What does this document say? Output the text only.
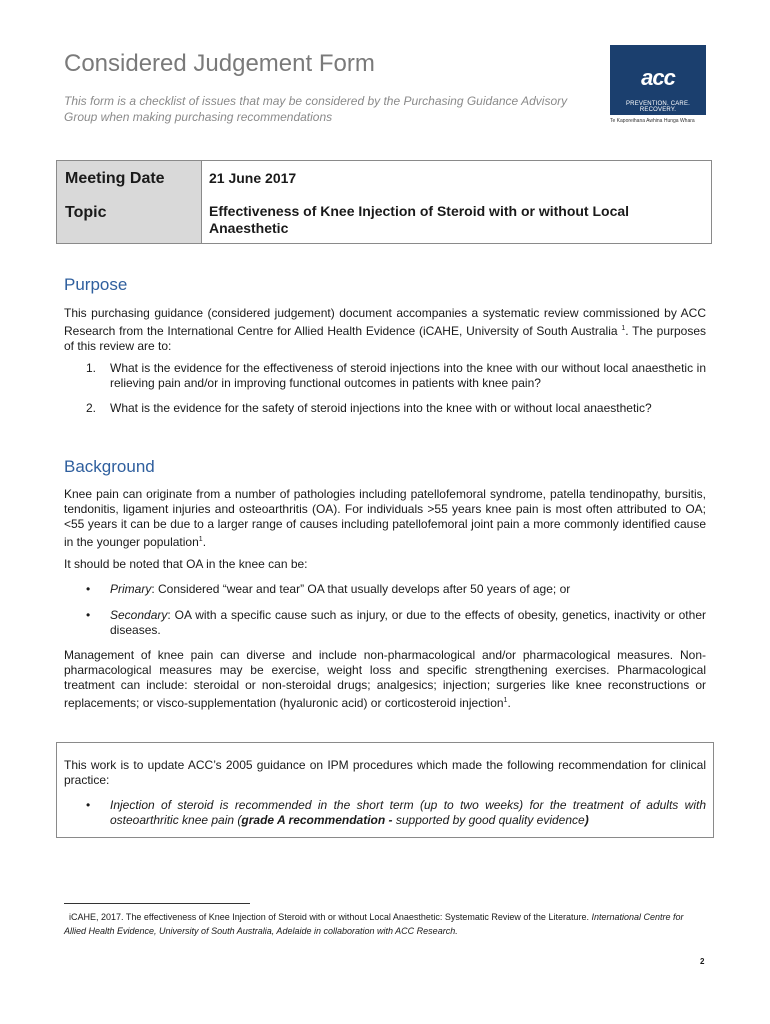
Considered Judgement Form
This form is a checklist of issues that may be considered by the Purchasing Guidance Advisory Group when making purchasing recommendations
acc
PREVENTION. CARE. RECOVERY.
Te Kaporeihana Awhina Hunga Whara
Meeting Date
Topic
21 June 2017
Effectiveness of Knee Injection of Steroid with or without Local Anaesthetic
Purpose
This purchasing guidance (considered judgement) document accompanies a systematic review commissioned by ACC Research from the International Centre for Allied Health Evidence (iCAHE, University of South Australia $^1$. The purposes of this review are to:
1. What is the evidence for the effectiveness of steroid injections into the knee with our without local anaesthetic in relieving pain and/or in improving functional outcomes in patients with knee pain?
2. What is the evidence for the safety of steroid injections into the knee with or without local anaesthetic?
Background
Knee pain can originate from a number of pathologies including patellofemoral syndrome, patella tendinopathy, bursitis, tendonitis, ligament injuries and osteoarthritis (OA). For individuals >55 years knee pain is most often attributed to OA; <55 years it can be due to a larger range of causes including patellofemoral joint pain a more commonly identified cause in the younger population$^1$.
It should be noted that OA in the knee can be:
• Primary: Considered “wear and tear” OA that usually develops after 50 years of age; or
• Secondary: OA with a specific cause such as injury, or due to the effects of obesity, genetics, inactivity or other diseases.
Management of knee pain can diverse and include non-pharmacological and/or pharmacological measures. Non-pharmacological measures may be exercise, weight loss and specific strengthening exercises. Pharmacological treatment can include: steroidal or non-steroidal drugs; analgesics; injection; surgeries like knee reconstructions or replacements; or visco-supplementation (hyaluronic acid) or corticosteroid injection$^1$.
This work is to update ACC’s 2005 guidance on IPM procedures which made the following recommendation for clinical practice:
• Injection of steroid is recommended in the short term (up to two weeks) for the treatment of adults with osteoarthritic knee pain (grade A recommendation - supported by good quality evidence)
iCAHE, 2017. The effectiveness of Knee Injection of Steroid with or without Local Anaesthetic: Systematic Review of the Literature. International Centre for Allied Health Evidence, University of South Australia, Adelaide in collaboration with ACC Research.
2
